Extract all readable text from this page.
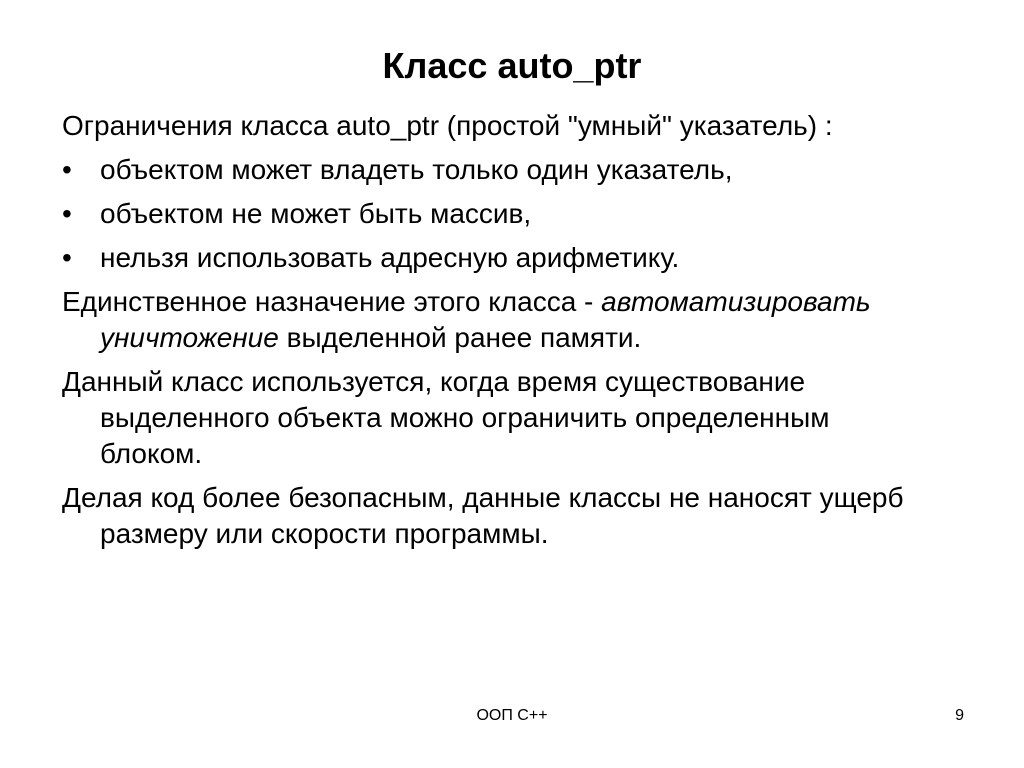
Класс auto_ptr

Ограничения класса auto_ptr (простой "умный" указатель) :

•	объектом может владеть только один указатель,
•	объектом не может быть массив,
•	нельзя использовать адресную арифметику.

Единственное назначение этого класса - автоматизировать уничтожение выделенной ранее памяти.

Данный класс используется, когда время существование выделенного объекта можно ограничить определенным блоком.

Делая код более безопасным, данные классы не наносят ущерб размеру или скорости программы.

ООП С++	9
